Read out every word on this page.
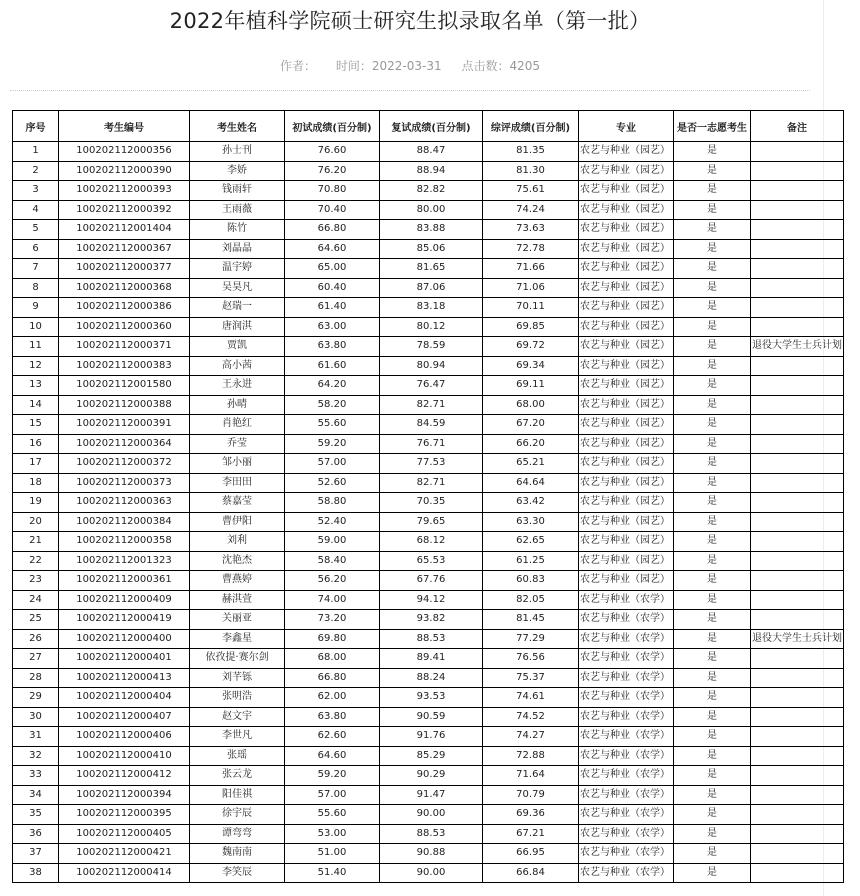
2022年植科学院硕士研究生拟录取名单（第一批）
作者： 时间：2022-03-31 点击数：4205
序号	考生编号	考生姓名	初试成绩(百分制)	复试成绩(百分制)	综评成绩(百分制)	专业	是否一志愿考生	备注
1	100202112000356	孙士刊	76.60	88.47	81.35	农艺与种业（园艺）	是	
2	100202112000390	李娇	76.20	88.94	81.30	农艺与种业（园艺）	是	
3	100202112000393	钱雨轩	70.80	82.82	75.61	农艺与种业（园艺）	是	
4	100202112000392	王雨薇	70.40	80.00	74.24	农艺与种业（园艺）	是	
5	100202112001404	陈竹	66.80	83.88	73.63	农艺与种业（园艺）	是	
6	100202112000367	刘晶晶	64.60	85.06	72.78	农艺与种业（园艺）	是	
7	100202112000377	温宇婷	65.00	81.65	71.66	农艺与种业（园艺）	是	
8	100202112000368	吴昊凡	60.40	87.06	71.06	农艺与种业（园艺）	是	
9	100202112000386	赵瑞一	61.40	83.18	70.11	农艺与种业（园艺）	是	
10	100202112000360	唐润淇	63.00	80.12	69.85	农艺与种业（园艺）	是	
11	100202112000371	贾凯	63.80	78.59	69.72	农艺与种业（园艺）	是	退役大学生士兵计划
12	100202112000383	高小茜	61.60	80.94	69.34	农艺与种业（园艺）	是	
13	100202112001580	王永进	64.20	76.47	69.11	农艺与种业（园艺）	是	
14	100202112000388	孙晴	58.20	82.71	68.00	农艺与种业（园艺）	是	
15	100202112000391	肖艳红	55.60	84.59	67.20	农艺与种业（园艺）	是	
16	100202112000364	乔莹	59.20	76.71	66.20	农艺与种业（园艺）	是	
17	100202112000372	邹小丽	57.00	77.53	65.21	农艺与种业（园艺）	是	
18	100202112000373	李田田	52.60	82.71	64.64	农艺与种业（园艺）	是	
19	100202112000363	蔡嘉莹	58.80	70.35	63.42	农艺与种业（园艺）	是	
20	100202112000384	曹伊阳	52.40	79.65	63.30	农艺与种业（园艺）	是	
21	100202112000358	刘利	59.00	68.12	62.65	农艺与种业（园艺）	是	
22	100202112001323	沈艳杰	58.40	65.53	61.25	农艺与种业（园艺）	是	
23	100202112000361	曹燕婷	56.20	67.76	60.83	农艺与种业（园艺）	是	
24	100202112000409	赫淇萱	74.00	94.12	82.05	农艺与种业（农学）	是	
25	100202112000419	关丽亚	73.20	93.82	81.45	农艺与种业（农学）	是	
26	100202112000400	李鑫星	69.80	88.53	77.29	农艺与种业（农学）	是	退役大学生士兵计划
27	100202112000401	依孜提·赛尔剑	68.00	89.41	76.56	农艺与种业（农学）	是	
28	100202112000413	刘芊铄	66.80	88.24	75.37	农艺与种业（农学）	是	
29	100202112000404	张明浩	62.00	93.53	74.61	农艺与种业（农学）	是	
30	100202112000407	赵文宇	63.80	90.59	74.52	农艺与种业（农学）	是	
31	100202112000406	李世凡	62.60	91.76	74.27	农艺与种业（农学）	是	
32	100202112000410	张瑶	64.60	85.29	72.88	农艺与种业（农学）	是	
33	100202112000412	张云龙	59.20	90.29	71.64	农艺与种业（农学）	是	
34	100202112000394	阳佳祺	57.00	91.47	70.79	农艺与种业（农学）	是	
35	100202112000395	徐宇辰	55.60	90.00	69.36	农艺与种业（农学）	是	
36	100202112000405	谭弯弯	53.00	88.53	67.21	农艺与种业（农学）	是	
37	100202112000421	魏南南	51.00	90.88	66.95	农艺与种业（农学）	是	
38	100202112000414	李笑辰	51.40	90.00	66.84	农艺与种业（农学）	是	
